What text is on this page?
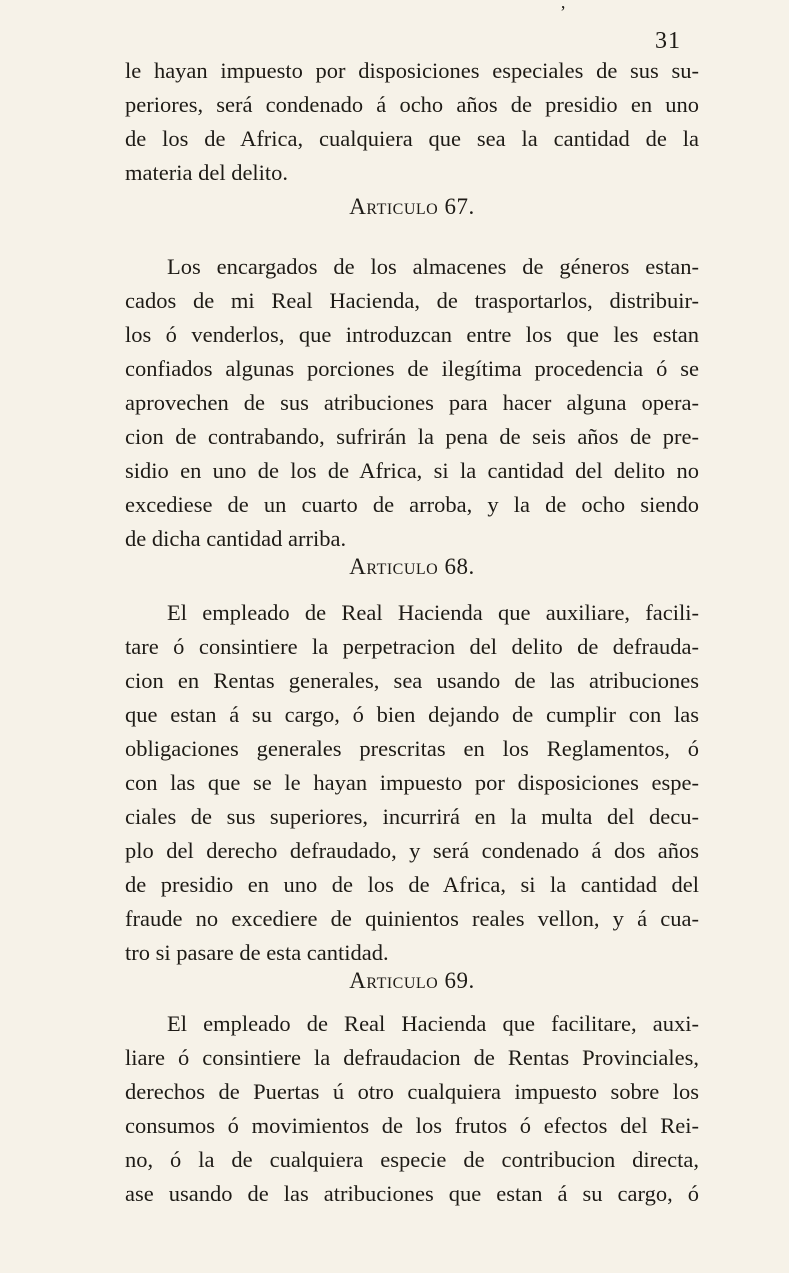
’
31
le hayan impuesto por disposiciones especiales de sus su-
periores, será condenado á ocho años de presidio en uno
de los de Africa, cualquiera que sea la cantidad de la
materia del delito.
Articulo 67.
Los encargados de los almacenes de géneros estan-
cados de mi Real Hacienda, de trasportarlos, distribuir-
los ó venderlos, que introduzcan entre los que les estan
confiados algunas porciones de ilegítima procedencia ó se
aprovechen de sus atribuciones para hacer alguna opera-
cion de contrabando, sufrirán la pena de seis años de pre-
sidio en uno de los de Africa, si la cantidad del delito no
excediese de un cuarto de arroba, y la de ocho siendo
de dicha cantidad arriba.
Articulo 68.
El empleado de Real Hacienda que auxiliare, facili-
tare ó consintiere la perpetracion del delito de defrauda-
cion en Rentas generales, sea usando de las atribuciones
que estan á su cargo, ó bien dejando de cumplir con las
obligaciones generales prescritas en los Reglamentos, ó
con las que se le hayan impuesto por disposiciones espe-
ciales de sus superiores, incurrirá en la multa del decu-
plo del derecho defraudado, y será condenado á dos años
de presidio en uno de los de Africa, si la cantidad del
fraude no excediere de quinientos reales vellon, y á cua-
tro si pasare de esta cantidad.
Articulo 69.
El empleado de Real Hacienda que facilitare, auxi-
liare ó consintiere la defraudacion de Rentas Provinciales,
derechos de Puertas ú otro cualquiera impuesto sobre los
consumos ó movimientos de los frutos ó efectos del Rei-
no, ó la de cualquiera especie de contribucion directa,
ase usando de las atribuciones que estan á su cargo, ó
